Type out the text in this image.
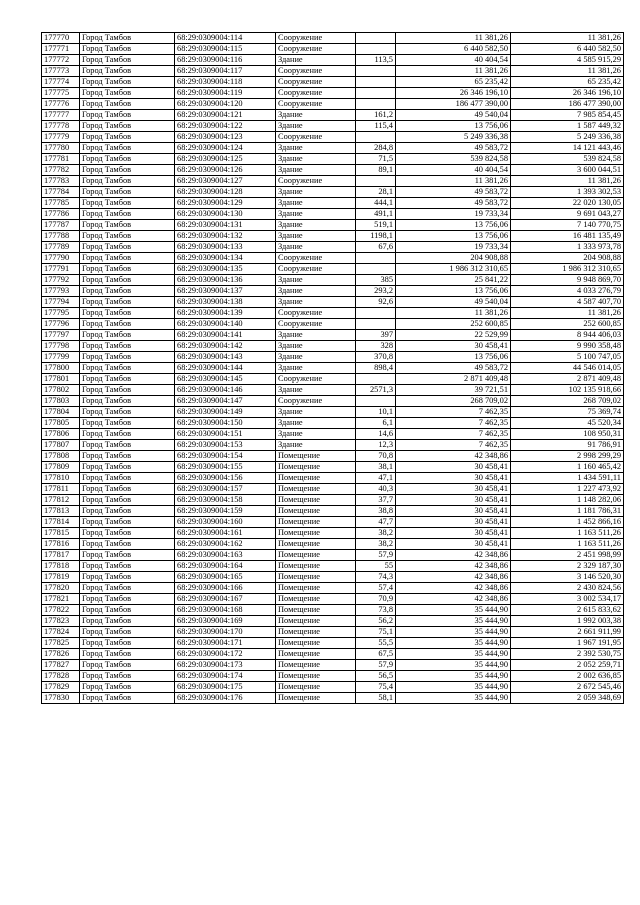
177770	Город Тамбов	68:29:0309004:114	Сооружение		11 381,26	11 381,26
177771	Город Тамбов	68:29:0309004:115	Сооружение		6 440 582,50	6 440 582,50
177772	Город Тамбов	68:29:0309004:116	Здание	113,5	40 404,54	4 585 915,29
177773	Город Тамбов	68:29:0309004:117	Сооружение		11 381,26	11 381,26
177774	Город Тамбов	68:29:0309004:118	Сооружение		65 235,42	65 235,42
177775	Город Тамбов	68:29:0309004:119	Сооружение		26 346 196,10	26 346 196,10
177776	Город Тамбов	68:29:0309004:120	Сооружение		186 477 390,00	186 477 390,00
177777	Город Тамбов	68:29:0309004:121	Здание	161,2	49 540,04	7 985 854,45
177778	Город Тамбов	68:29:0309004:122	Здание	115,4	13 756,06	1 587 449,32
177779	Город Тамбов	68:29:0309004:123	Сооружение		5 249 336,38	5 249 336,38
177780	Город Тамбов	68:29:0309004:124	Здание	284,8	49 583,72	14 121 443,46
177781	Город Тамбов	68:29:0309004:125	Здание	71,5	539 824,58	539 824,58
177782	Город Тамбов	68:29:0309004:126	Здание	89,1	40 404,54	3 600 044,51
177783	Город Тамбов	68:29:0309004:127	Сооружение		11 381,26	11 381,26
177784	Город Тамбов	68:29:0309004:128	Здание	28,1	49 583,72	1 393 302,53
177785	Город Тамбов	68:29:0309004:129	Здание	444,1	49 583,72	22 020 130,05
177786	Город Тамбов	68:29:0309004:130	Здание	491,1	19 733,34	9 691 043,27
177787	Город Тамбов	68:29:0309004:131	Здание	519,1	13 756,06	7 140 770,75
177788	Город Тамбов	68:29:0309004:132	Здание	1198,1	13 756,06	16 481 135,49
177789	Город Тамбов	68:29:0309004:133	Здание	67,6	19 733,34	1 333 973,78
177790	Город Тамбов	68:29:0309004:134	Сооружение		204 908,88	204 908,88
177791	Город Тамбов	68:29:0309004:135	Сооружение		1 986 312 310,65	1 986 312 310,65
177792	Город Тамбов	68:29:0309004:136	Здание	385	25 841,22	9 948 869,70
177793	Город Тамбов	68:29:0309004:137	Здание	293,2	13 756,06	4 033 276,79
177794	Город Тамбов	68:29:0309004:138	Здание	92,6	49 540,04	4 587 407,70
177795	Город Тамбов	68:29:0309004:139	Сооружение		11 381,26	11 381,26
177796	Город Тамбов	68:29:0309004:140	Сооружение		252 600,85	252 600,85
177797	Город Тамбов	68:29:0309004:141	Здание	397	22 529,99	8 944 406,03
177798	Город Тамбов	68:29:0309004:142	Здание	328	30 458,41	9 990 358,48
177799	Город Тамбов	68:29:0309004:143	Здание	370,8	13 756,06	5 100 747,05
177800	Город Тамбов	68:29:0309004:144	Здание	898,4	49 583,72	44 546 014,05
177801	Город Тамбов	68:29:0309004:145	Сооружение		2 871 409,48	2 871 409,48
177802	Город Тамбов	68:29:0309004:146	Здание	2571,3	39 721,51	102 135 918,66
177803	Город Тамбов	68:29:0309004:147	Сооружение		268 709,02	268 709,02
177804	Город Тамбов	68:29:0309004:149	Здание	10,1	7 462,35	75 369,74
177805	Город Тамбов	68:29:0309004:150	Здание	6,1	7 462,35	45 520,34
177806	Город Тамбов	68:29:0309004:151	Здание	14,6	7 462,35	108 950,31
177807	Город Тамбов	68:29:0309004:153	Здание	12,3	7 462,35	91 786,91
177808	Город Тамбов	68:29:0309004:154	Помещение	70,8	42 348,86	2 998 299,29
177809	Город Тамбов	68:29:0309004:155	Помещение	38,1	30 458,41	1 160 465,42
177810	Город Тамбов	68:29:0309004:156	Помещение	47,1	30 458,41	1 434 591,11
177811	Город Тамбов	68:29:0309004:157	Помещение	40,3	30 458,41	1 227 473,92
177812	Город Тамбов	68:29:0309004:158	Помещение	37,7	30 458,41	1 148 282,06
177813	Город Тамбов	68:29:0309004:159	Помещение	38,8	30 458,41	1 181 786,31
177814	Город Тамбов	68:29:0309004:160	Помещение	47,7	30 458,41	1 452 866,16
177815	Город Тамбов	68:29:0309004:161	Помещение	38,2	30 458,41	1 163 511,26
177816	Город Тамбов	68:29:0309004:162	Помещение	38,2	30 458,41	1 163 511,26
177817	Город Тамбов	68:29:0309004:163	Помещение	57,9	42 348,86	2 451 998,99
177818	Город Тамбов	68:29:0309004:164	Помещение	55	42 348,86	2 329 187,30
177819	Город Тамбов	68:29:0309004:165	Помещение	74,3	42 348,86	3 146 520,30
177820	Город Тамбов	68:29:0309004:166	Помещение	57,4	42 348,86	2 430 824,56
177821	Город Тамбов	68:29:0309004:167	Помещение	70,9	42 348,86	3 002 534,17
177822	Город Тамбов	68:29:0309004:168	Помещение	73,8	35 444,90	2 615 833,62
177823	Город Тамбов	68:29:0309004:169	Помещение	56,2	35 444,90	1 992 003,38
177824	Город Тамбов	68:29:0309004:170	Помещение	75,1	35 444,90	2 661 911,99
177825	Город Тамбов	68:29:0309004:171	Помещение	55,5	35 444,90	1 967 191,95
177826	Город Тамбов	68:29:0309004:172	Помещение	67,5	35 444,90	2 392 530,75
177827	Город Тамбов	68:29:0309004:173	Помещение	57,9	35 444,90	2 052 259,71
177828	Город Тамбов	68:29:0309004:174	Помещение	56,5	35 444,90	2 002 636,85
177829	Город Тамбов	68:29:0309004:175	Помещение	75,4	35 444,90	2 672 545,46
177830	Город Тамбов	68:29:0309004:176	Помещение	58,1	35 444,90	2 059 348,69
